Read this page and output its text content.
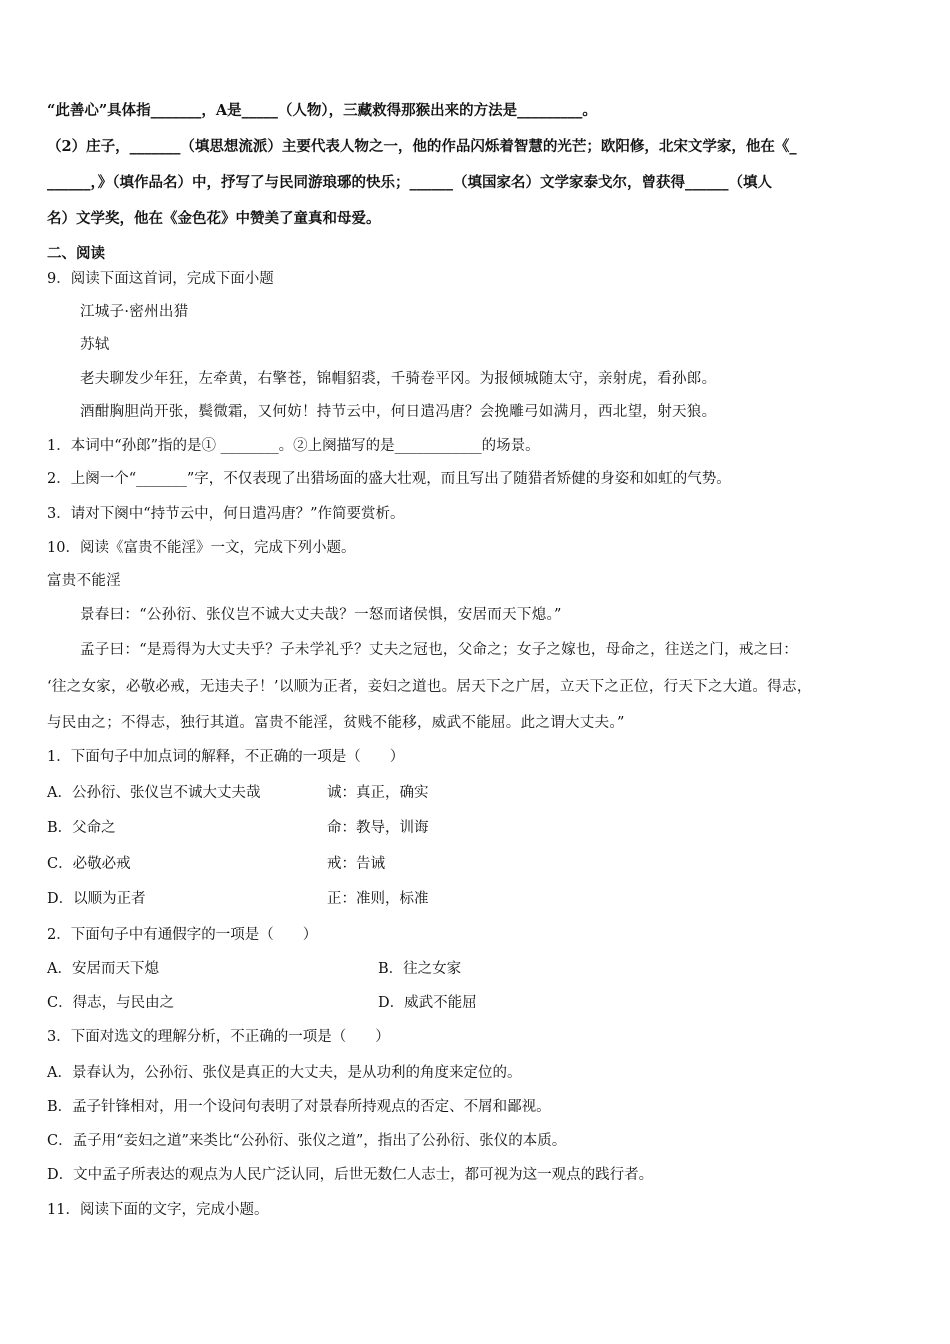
“此善心”具体指_______，A是_____（人物），三藏救得那猴出来的方法是_________。
（2）庄子，_______（填思想流派）主要代表人物之一，他的作品闪烁着智慧的光芒；欧阳修，北宋文学家，他在《_
______，》（填作品名）中，抒写了与民同游琅琊的快乐；______（填国家名）文学家泰戈尔，曾获得______（填人
名）文学奖，他在《金色花》中赞美了童真和母爱。
二、阅读
9．阅读下面这首词，完成下面小题
江城子·密州出猎
苏轼
老夫聊发少年狂，左牵黄，右擎苍，锦帽貂裘，千骑卷平冈。为报倾城随太守，亲射虎，看孙郎。
酒酣胸胆尚开张，鬓微霜，又何妨！持节云中，何日遣冯唐？会挽雕弓如满月，西北望，射天狼。
1．本词中“孙郎”指的是① ________。②上阕描写的是____________的场景。
2．上阕一个“_______”字，不仅表现了出猎场面的盛大壮观，而且写出了随猎者矫健的身姿和如虹的气势。
3．请对下阕中“持节云中，何日遣冯唐？”作简要赏析。
10．阅读《富贵不能淫》一文，完成下列小题。
富贵不能淫
景春曰：“公孙衍、张仪岂不诚大丈夫哉？一怒而诸侯惧，安居而天下熄。”
孟子曰：“是焉得为大丈夫乎？子未学礼乎？丈夫之冠也，父命之；女子之嫁也，母命之，往送之门，戒之曰：
‘往之女家，必敬必戒，无违夫子！’以顺为正者，妾妇之道也。居天下之广居，立天下之正位，行天下之大道。得志，
与民由之；不得志，独行其道。富贵不能淫，贫贱不能移，威武不能屈。此之谓大丈夫。”
1．下面句子中加点词的解释，不正确的一项是（　　）
A．公孙衍、张仪岂不诚大丈夫哉	诚：真正，确实
B．父命之	命：教导，训诲
C．必敬必戒	戒：告诫
D．以顺为正者	正：准则，标准
2．下面句子中有通假字的一项是（　　）
A．安居而天下熄	B．往之女家
C．得志，与民由之	D．威武不能屈
3．下面对选文的理解分析，不正确的一项是（　　）
A．景春认为，公孙衍、张仪是真正的大丈夫，是从功利的角度来定位的。
B．孟子针锋相对，用一个设问句表明了对景春所持观点的否定、不屑和鄙视。
C．孟子用“妾妇之道”来类比“公孙衍、张仪之道”，指出了公孙衍、张仪的本质。
D．文中孟子所表达的观点为人民广泛认同，后世无数仁人志士，都可视为这一观点的践行者。
11．阅读下面的文字，完成小题。
